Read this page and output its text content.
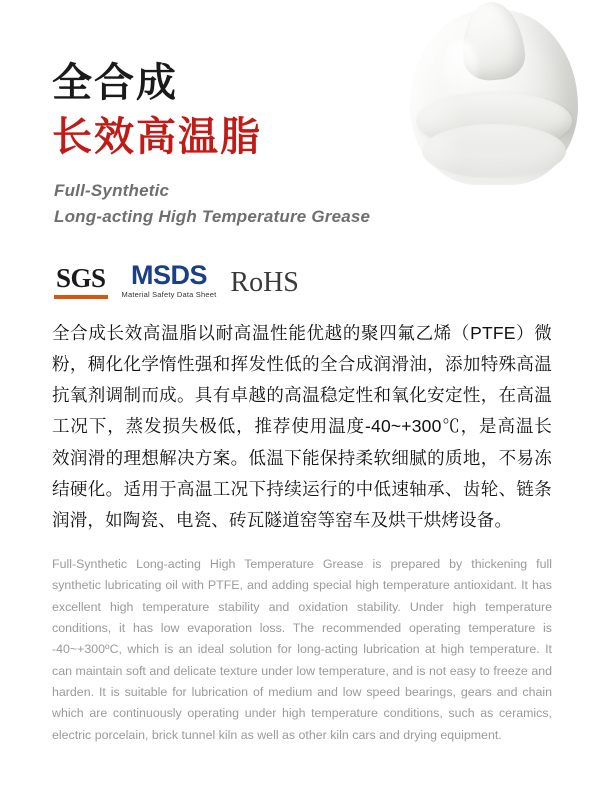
全合成
长效高温脂
Full-Synthetic
Long-acting High Temperature Grease
SGS MSDS
Material Safety Data Sheet RoHS
全合成长效高温脂以耐高温性能优越的聚四氟乙烯（PTFE）微粉，稠化化学惰性强和挥发性低的全合成润滑油，添加特殊高温抗氧剂调制而成。具有卓越的高温稳定性和氧化安定性，在高温工况下，蒸发损失极低，推荐使用温度-40~+300℃，是高温长效润滑的理想解决方案。低温下能保持柔软细腻的质地，不易冻结硬化。适用于高温工况下持续运行的中低速轴承、齿轮、链条润滑，如陶瓷、电瓷、砖瓦隧道窑等窑车及烘干烘烤设备。
Full-Synthetic Long-acting High Temperature Grease is prepared by thickening full synthetic lubricating oil with PTFE, and adding special high temperature antioxidant. It has excellent high temperature stability and oxidation stability. Under high temperature conditions, it has low evaporation loss. The recommended operating temperature is -40~+300ºC, which is an ideal solution for long-acting lubrication at high temperature. It can maintain soft and delicate texture under low temperature, and is not easy to freeze and harden. It is suitable for lubrication of medium and low speed bearings, gears and chain which are continuously operating under high temperature conditions, such as ceramics, electric porcelain, brick tunnel kiln as well as other kiln cars and drying equipment.
